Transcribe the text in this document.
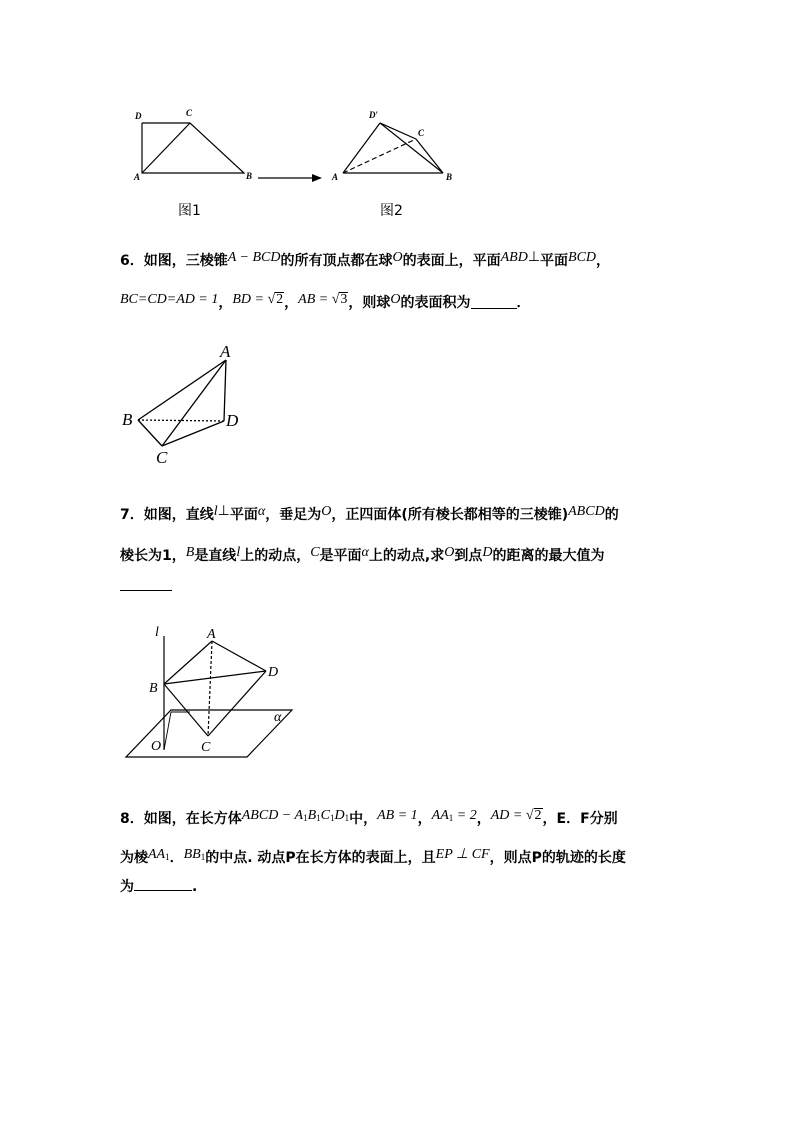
D	C
A	B
D′
C
A	B
图1	图2
6．如图，三棱锥A − BCD的所有顶点都在球O的表面上，平面ABD⊥平面BCD，
BC=CD=AD = 1，BD = √2，AB = √3，则球O的表面积为	．
A
B
C
D
7．如图，直线l⊥平面α，垂足为O，正四面体(所有棱长都相等的三棱锥)ABCD的
棱长为1，B是直线l上的动点，C是平面α上的动点,求O到点D的距离的最大值为
l	A
B
D
α
O	C
8．如图，在长方体ABCD − $A_1B_1C_1D_1$中，AB = 1，$AA_1 = 2$，AD = √2，E．F分别
为棱$AA_1$．$BB_1$的中点. 动点P在长方体的表面上，且EP ⊥ CF，则点P的轨迹的长度
为	.
